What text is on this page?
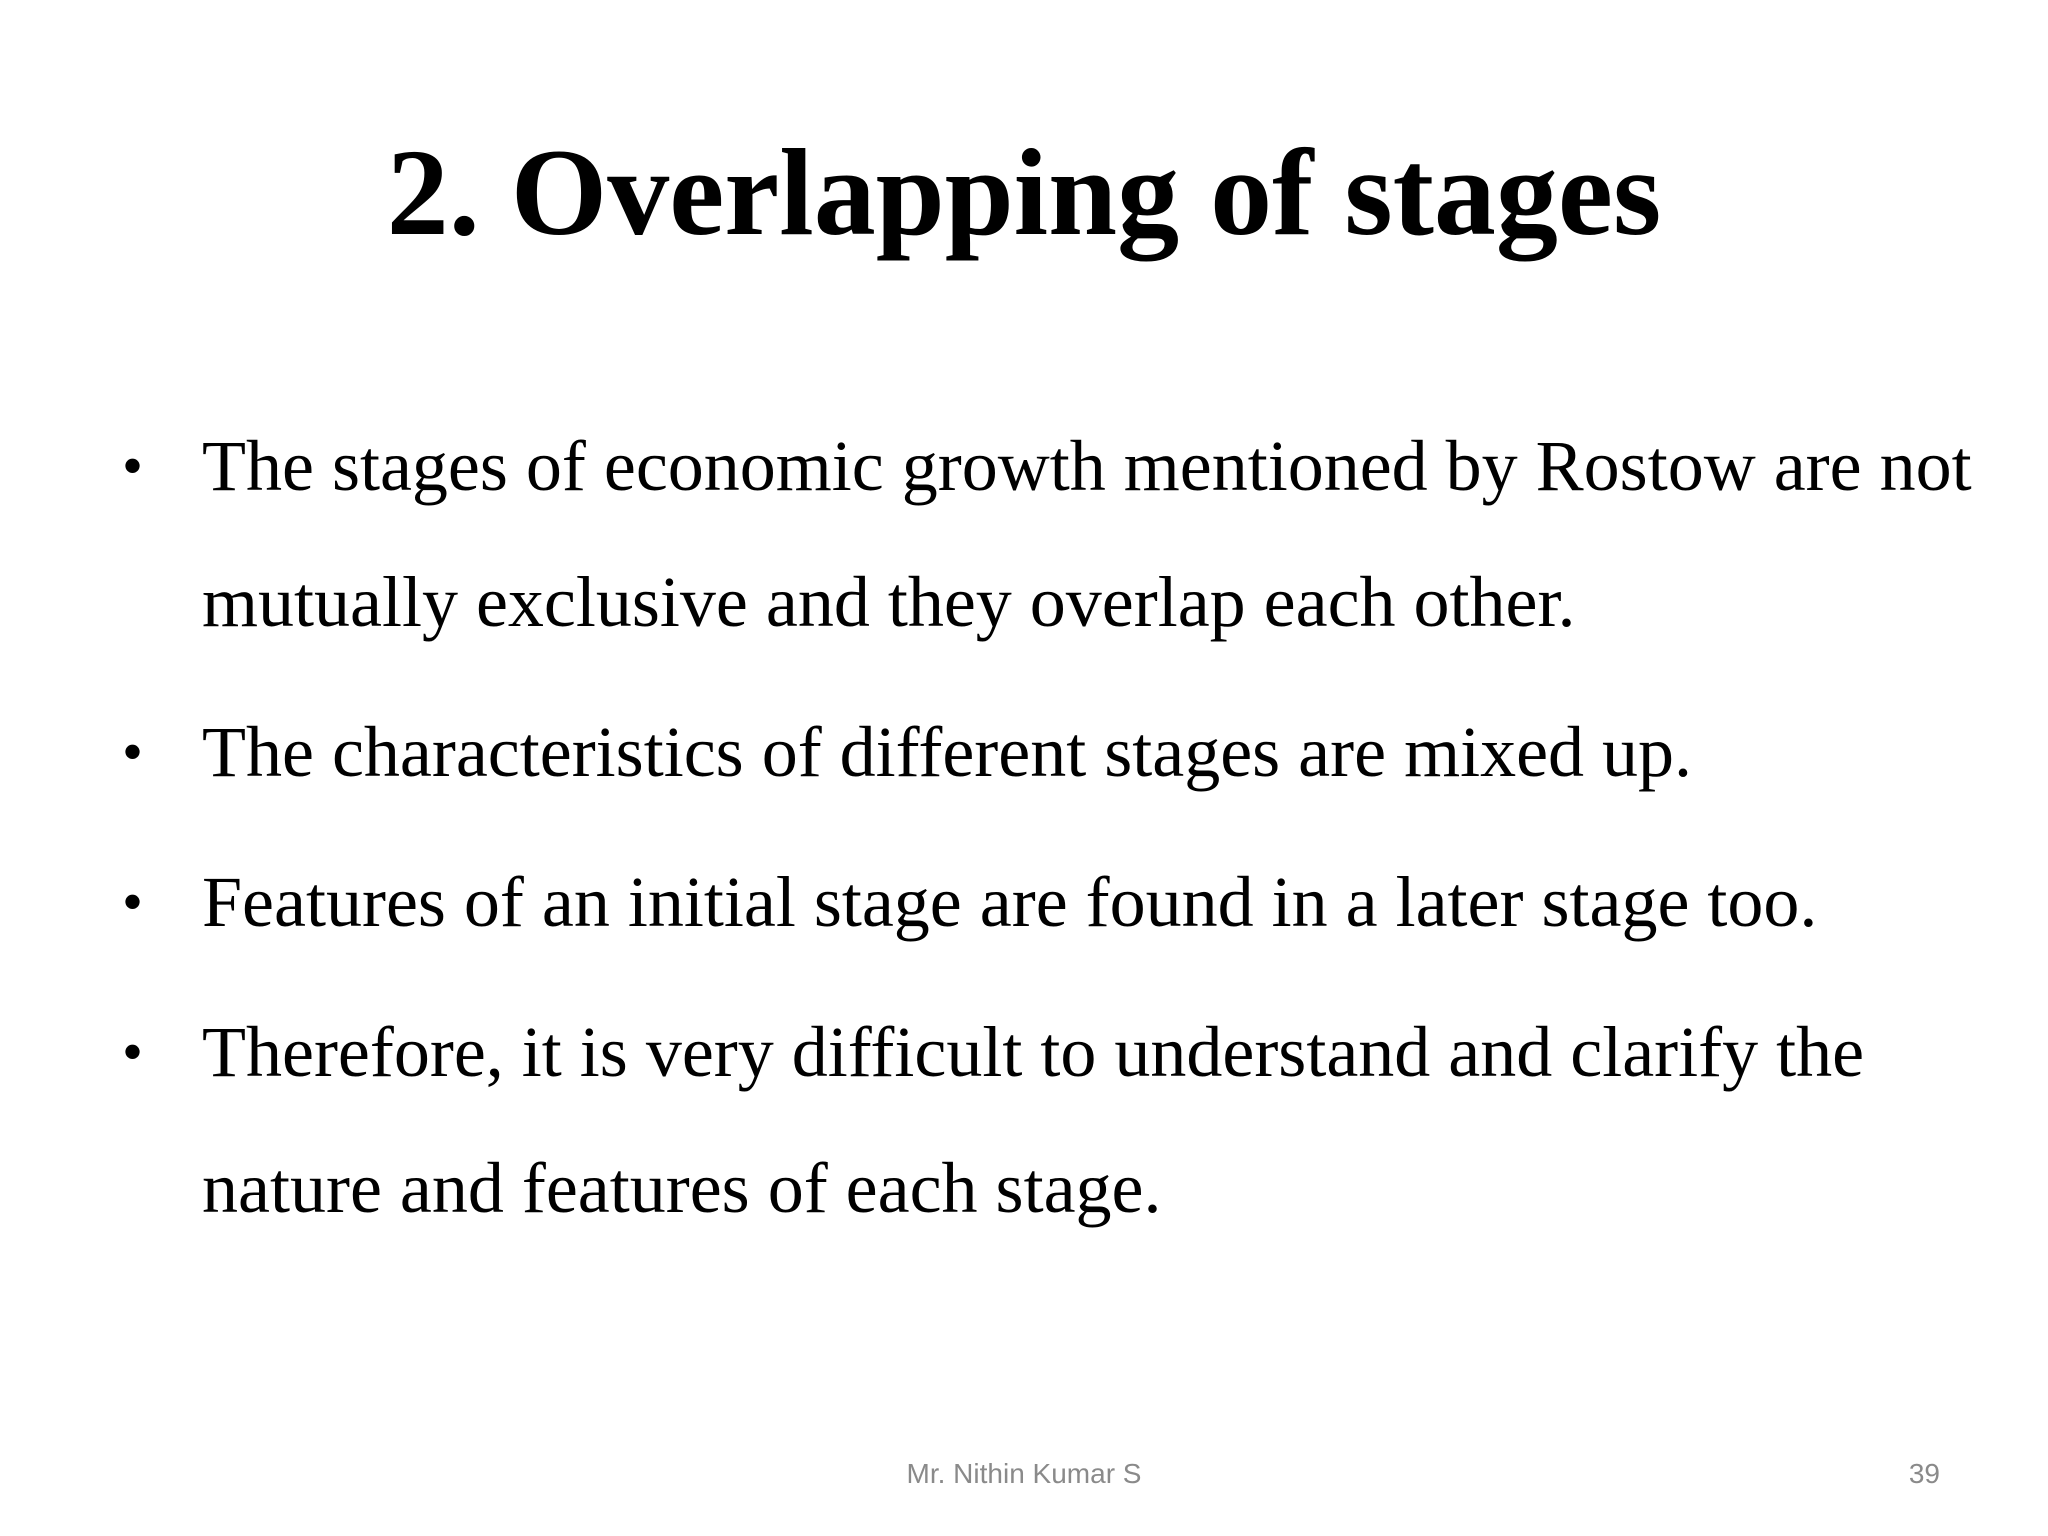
2. Overlapping of stages
• The stages of economic growth mentioned by Rostow are not mutually exclusive and they overlap each other.
• The characteristics of different stages are mixed up.
• Features of an initial stage are found in a later stage too.
• Therefore, it is very difficult to understand and clarify the nature and features of each stage.
Mr. Nithin Kumar S	39
